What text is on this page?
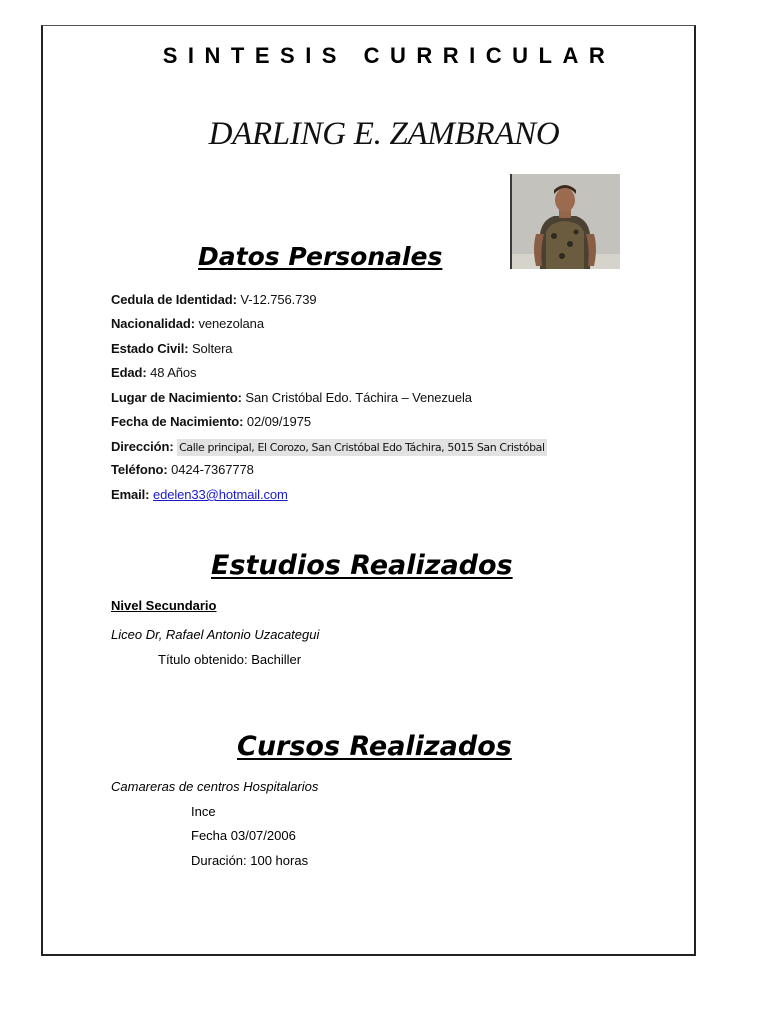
SINTESIS CURRICULAR
DARLING E. ZAMBRANO
Datos Personales
Cedula de Identidad: V-12.756.739
Nacionalidad: venezolana
Estado Civil: Soltera
Edad: 48 Años
Lugar de Nacimiento: San Cristóbal Edo. Táchira – Venezuela
Fecha de Nacimiento: 02/09/1975
Dirección: Calle principal, El Corozo, San Cristóbal Edo Táchira, 5015 San Cristóbal
Teléfono: 0424-7367778
Email: edelen33@hotmail.com
Estudios Realizados
Nivel Secundario
Liceo Dr, Rafael Antonio Uzacategui
Título obtenido: Bachiller
Cursos Realizados
Camareras de centros Hospitalarios
Ince
Fecha 03/07/2006
Duración: 100 horas
